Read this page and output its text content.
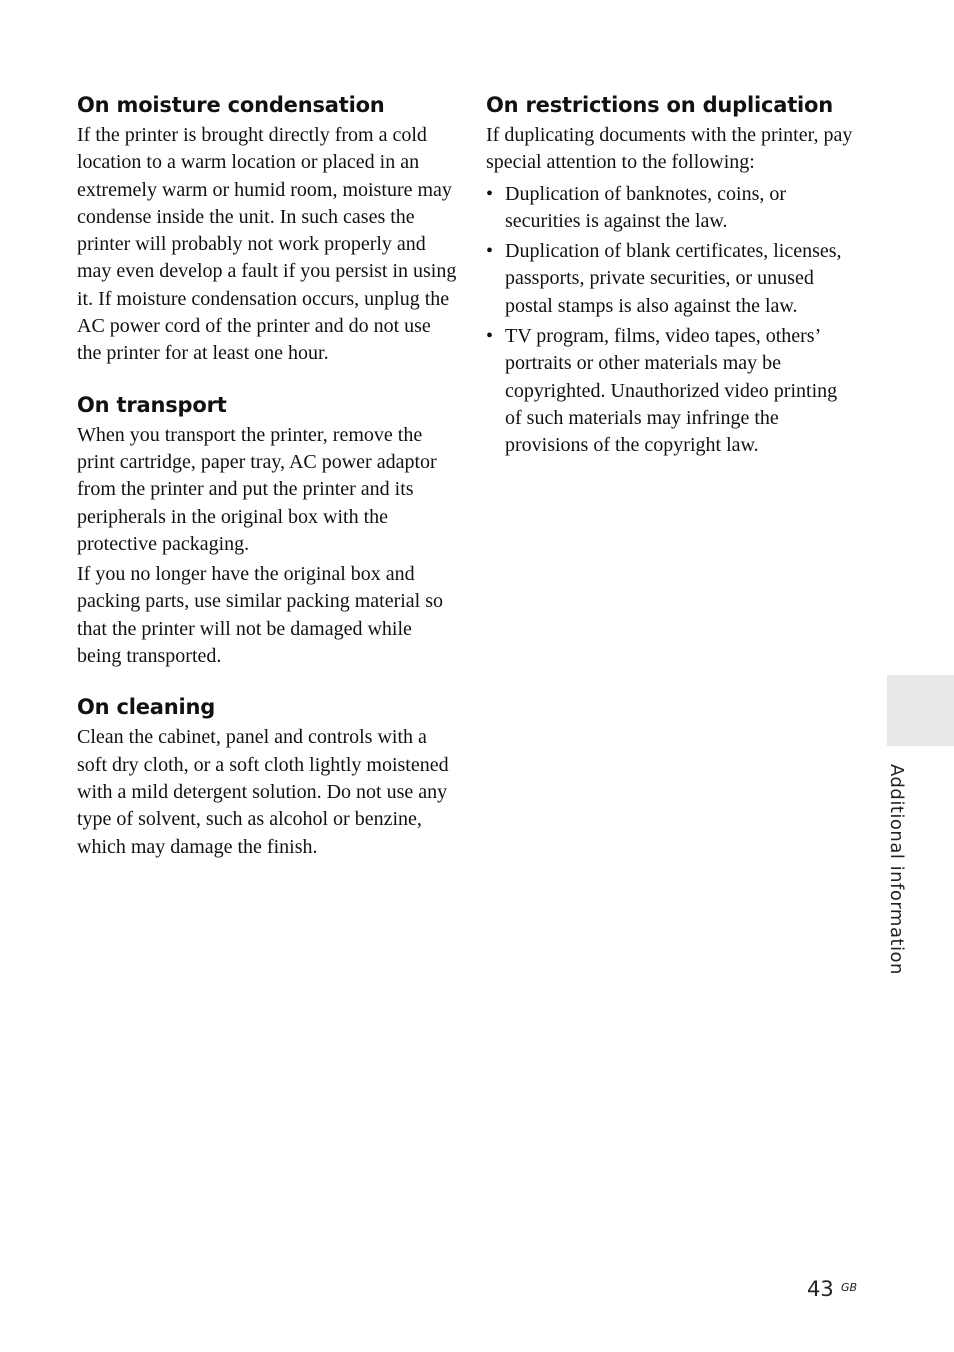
On moisture condensation

If the printer is brought directly from a cold location to a warm location or placed in an extremely warm or humid room, moisture may condense inside the unit. In such cases the printer will probably not work properly and may even develop a fault if you persist in using it. If moisture condensation occurs, unplug the AC power cord of the printer and do not use the printer for at least one hour.

On transport

When you transport the printer, remove the print cartridge, paper tray, AC power adaptor from the printer and put the printer and its peripherals in the original box with the protective packaging.

If you no longer have the original box and packing parts, use similar packing material so that the printer will not be damaged while being transported.

On cleaning

Clean the cabinet, panel and controls with a soft dry cloth, or a soft cloth lightly moistened with a mild detergent solution. Do not use any type of solvent, such as alcohol or benzine, which may damage the finish.

On restrictions on duplication

If duplicating documents with the printer, pay special attention to the following:

• Duplication of banknotes, coins, or securities is against the law.
• Duplication of blank certificates, licenses, passports, private securities, or unused postal stamps is also against the law.
• TV program, films, video tapes, others’ portraits or other materials may be copyrighted. Unauthorized video printing of such materials may infringe the provisions of the copyright law.
Additional information
43 GB
